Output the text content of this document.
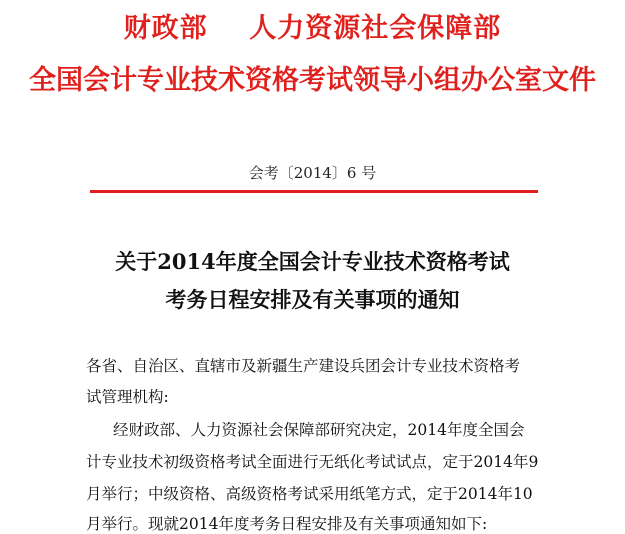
财政部    人力资源社会保障部
全国会计专业技术资格考试领导小组办公室文件
会考〔2014〕6 号
关于2014年度全国会计专业技术资格考试
考务日程安排及有关事项的通知
各省、自治区、直辖市及新疆生产建设兵团会计专业技术资格考
试管理机构:
经财政部、人力资源社会保障部研究决定，2014年度全国会
计专业技术初级资格考试全面进行无纸化考试试点，定于2014年9
月举行；中级资格、高级资格考试采用纸笔方式，定于2014年10
月举行。现就2014年度考务日程安排及有关事项通知如下:
